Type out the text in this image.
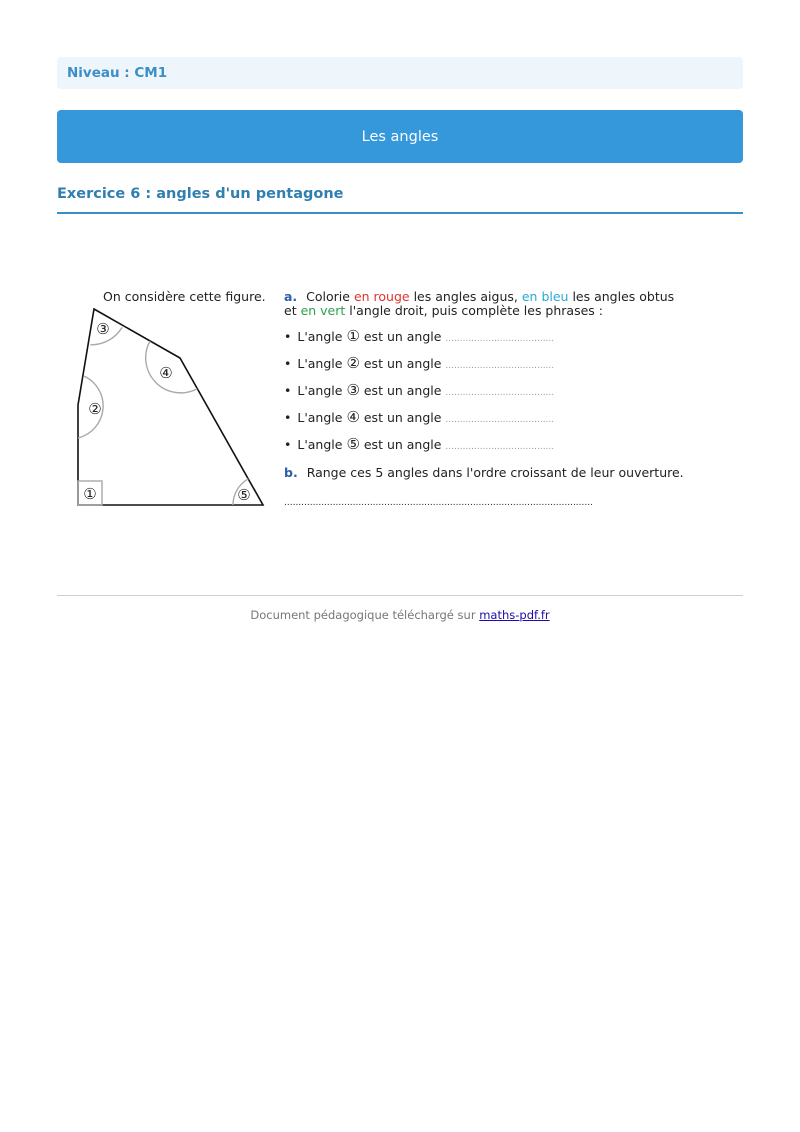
Niveau : CM1
Les angles
Exercice 6 : angles d'un pentagone
On considère cette figure.
③
④
②
①	⑤
a. Colorie en rouge les angles aigus, en bleu les angles obtus
et en vert l'angle droit, puis complète les phrases :
• L'angle ① est un angle ......................................
• L'angle ② est un angle ......................................
• L'angle ③ est un angle ......................................
• L'angle ④ est un angle ......................................
• L'angle ⑤ est un angle ......................................
b. Range ces 5 angles dans l'ordre croissant de leur ouverture.
............................................................................................................
Document pédagogique téléchargé sur maths-pdf.fr
